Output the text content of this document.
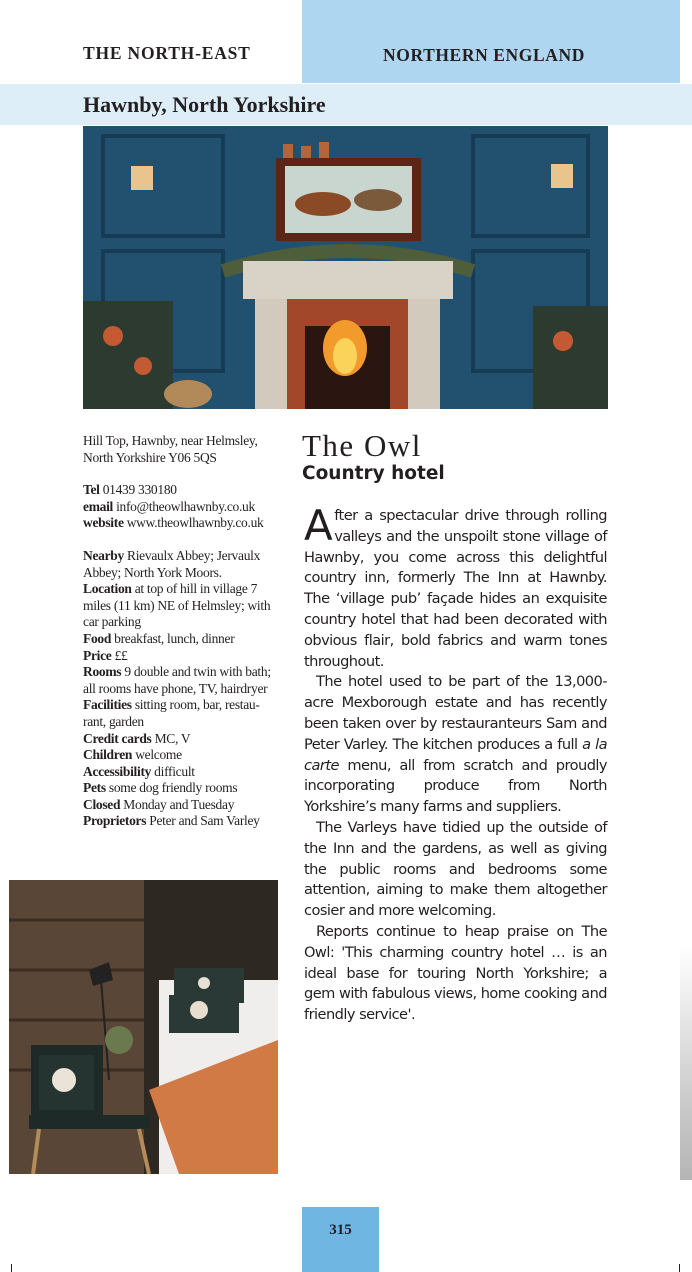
THE NORTH-EAST	NORTHERN ENGLAND
Hawnby, North Yorkshire

Hill Top, Hawnby, near Helmsley,

North Yorkshire Y06 5QS

Tel 01439 330180

email info@theowlhawnby.co.uk

website www.theowlhawnby.co.uk

Nearby Rievaulx Abbey; Jervaulx

Abbey; North York Moors.

Location at top of hill in village 7

miles (11 km) NE of Helmsley; with

car parking

Food breakfast, lunch, dinner

Price ££

Rooms 9 double and twin with bath;

all rooms have phone, TV, hairdryer

Facilities sitting room, bar, restau-

rant, garden

Credit cards MC, V

Children welcome

Accessibility difficult

Pets some dog friendly rooms

Closed Monday and Tuesday

Proprietors Peter and Sam Varley

The Owl
Country hotel

After a spectacular drive through rolling valleys and the unspoilt stone village of Hawnby, you come across this delightful country inn, formerly The Inn at Hawnby. The ‘village pub’ façade hides an exquisite country hotel that had been decorated with obvious flair, bold fabrics and warm tones throughout.

The hotel used to be part of the 13,000-acre Mexborough estate and has recently been taken over by restauranteurs Sam and Peter Varley. The kitchen produces a full a la carte menu, all from scratch and proudly incorporating produce from North Yorkshire’s many farms and suppliers.

The Varleys have tidied up the outside of the Inn and the gardens, as well as giving the public rooms and bedrooms some attention, aiming to make them altogether cosier and more welcoming.

Reports continue to heap praise on The Owl: 'This charming country hotel … is an ideal base for touring North Yorkshire; a gem with fabulous views, home cooking and friendly service'.

315
